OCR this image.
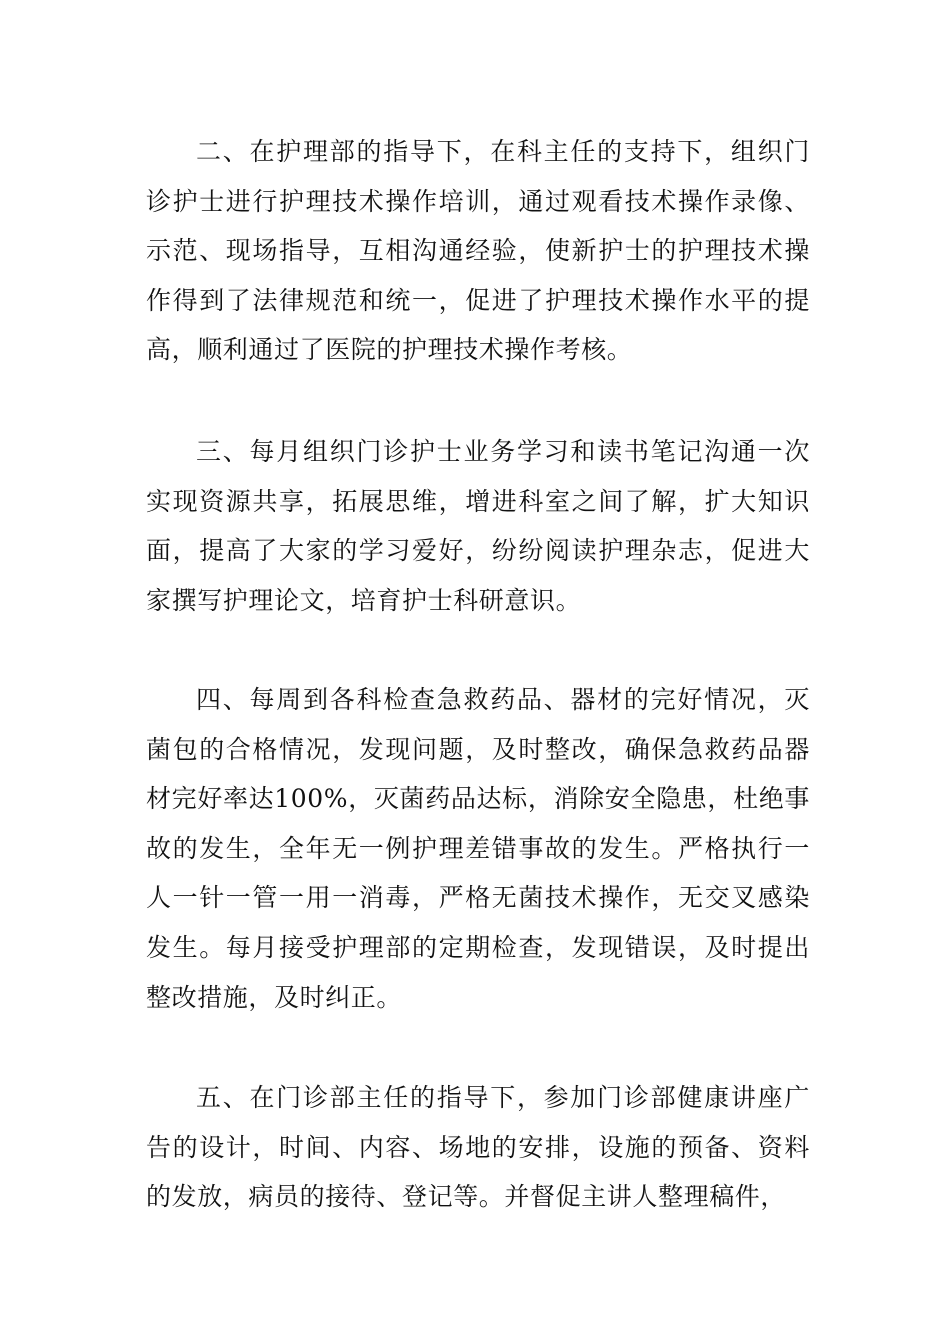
二、在护理部的指导下，在科主任的支持下，组织门诊护士进行护理技术操作培训，通过观看技术操作录像、示范、现场指导，互相沟通经验，使新护士的护理技术操作得到了法律规范和统一，促进了护理技术操作水平的提高，顺利通过了医院的护理技术操作考核。

三、每月组织门诊护士业务学习和读书笔记沟通一次实现资源共享，拓展思维，增进科室之间了解，扩大知识面，提高了大家的学习爱好，纷纷阅读护理杂志，促进大家撰写护理论文，培育护士科研意识。

四、每周到各科检查急救药品、器材的完好情况，灭菌包的合格情况，发现问题，及时整改，确保急救药品器材完好率达100%，灭菌药品达标，消除安全隐患，杜绝事故的发生，全年无一例护理差错事故的发生。严格执行一人一针一管一用一消毒，严格无菌技术操作，无交叉感染发生。每月接受护理部的定期检查，发现错误，及时提出整改措施，及时纠正。

五、在门诊部主任的指导下，参加门诊部健康讲座广告的设计，时间、内容、场地的安排，设施的预备、资料的发放，病员的接待、登记等。并督促主讲人整理稿件，
